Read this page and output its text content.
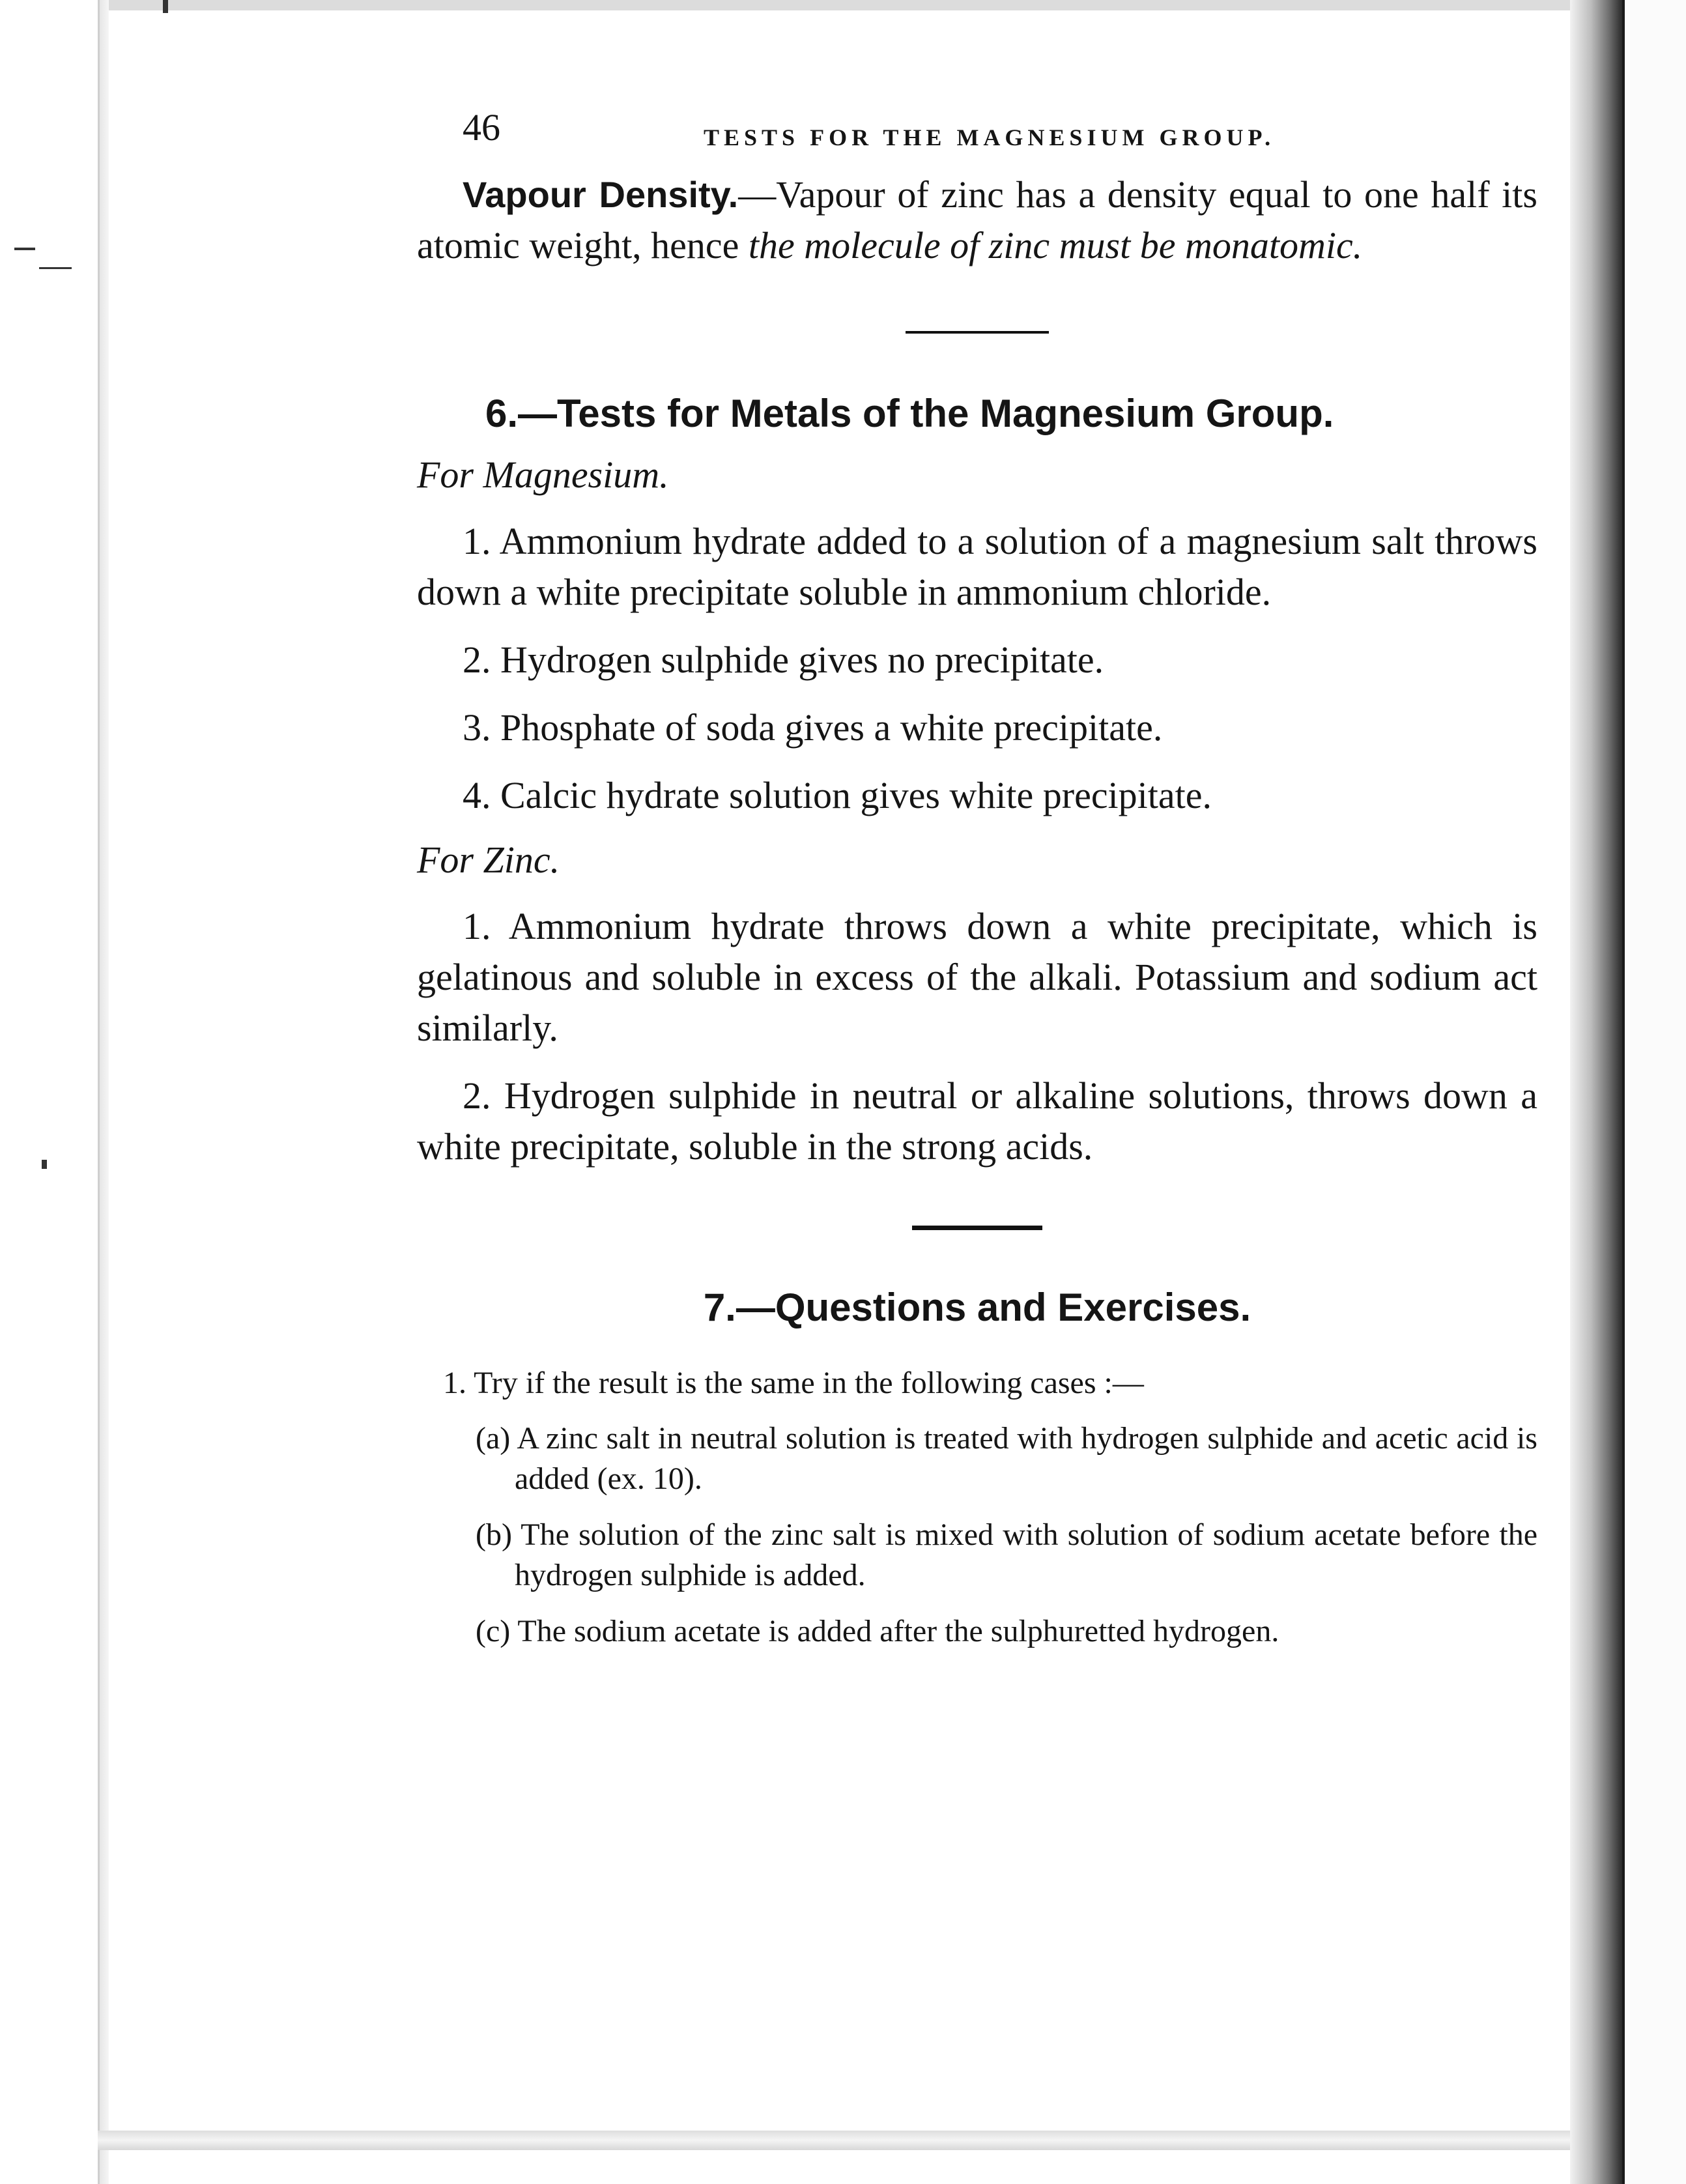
46	TESTS FOR THE MAGNESIUM GROUP.

Vapour Density.—Vapour of zinc has a density equal to one half its atomic weight, hence the molecule of zinc must be monatomic.

6.—Tests for Metals of the Magnesium Group.
For Magnesium.

1. Ammonium hydrate added to a solution of a magnesium salt throws down a white precipitate soluble in ammonium chloride.

2. Hydrogen sulphide gives no precipitate.

3. Phosphate of soda gives a white precipitate.

4. Calcic hydrate solution gives white precipitate.

For Zinc.

1. Ammonium hydrate throws down a white precipitate, which is gelatinous and soluble in excess of the alkali. Potassium and sodium act similarly.

2. Hydrogen sulphide in neutral or alkaline solutions, throws down a white precipitate, soluble in the strong acids.

7.—Questions and Exercises.

1. Try if the result is the same in the following cases :—

(a) A zinc salt in neutral solution is treated with hydrogen sulphide and acetic acid is added (ex. 10).

(b) The solution of the zinc salt is mixed with solution of sodium acetate before the hydrogen sulphide is added.

(c) The sodium acetate is added after the sulphuretted hydrogen.
